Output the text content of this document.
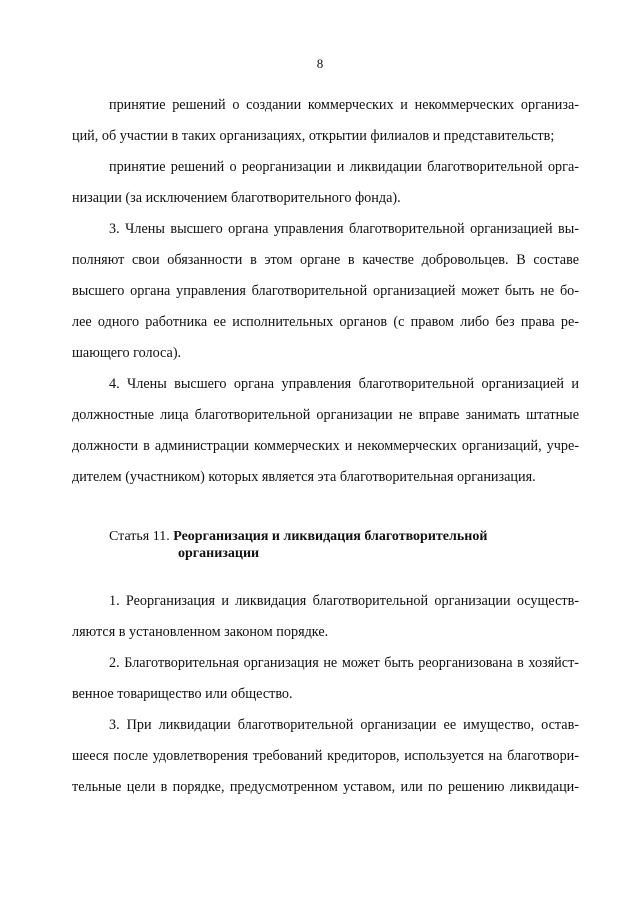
8
принятие решений о создании коммерческих и некоммерческих организа-
ций, об участии в таких организациях, открытии филиалов и представительств;
принятие решений о реорганизации и ликвидации благотворительной орга-
низации (за исключением благотворительного фонда).
3. Члены высшего органа управления благотворительной организацией вы-
полняют свои обязанности в этом органе в качестве добровольцев. В составе
высшего органа управления благотворительной организацией может быть не бо-
лее одного работника ее исполнительных органов (с правом либо без права ре-
шающего голоса).
4. Члены высшего органа управления благотворительной организацией и
должностные лица благотворительной организации не вправе занимать штатные
должности в администрации коммерческих и некоммерческих организаций, учре-
дителем (участником) которых является эта благотворительная организация.
Статья 11. Реорганизация и ликвидация благотворительной
организации
1. Реорганизация и ликвидация благотворительной организации осуществ-
ляются в установленном законом порядке.
2. Благотворительная организация не может быть реорганизована в хозяйст-
венное товарищество или общество.
3. При ликвидации благотворительной организации ее имущество, остав-
шееся после удовлетворения требований кредиторов, используется на благотвори-
тельные цели в порядке, предусмотренном уставом, или по решению ликвидаци-
